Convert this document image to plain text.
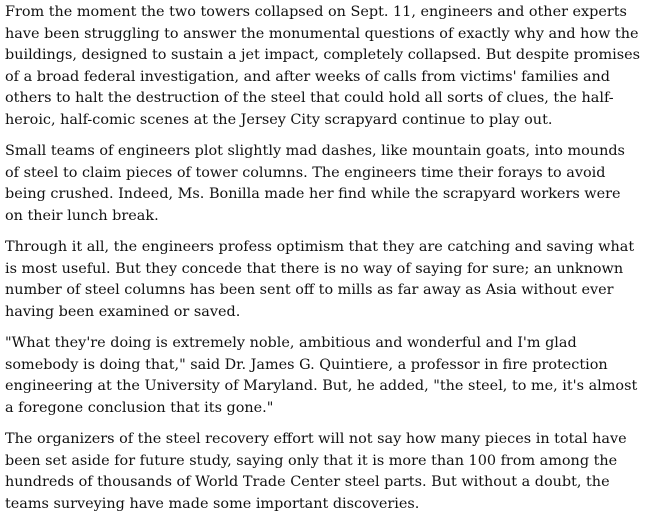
From the moment the two towers collapsed on Sept. 11, engineers and other experts have been struggling to answer the monumental questions of exactly why and how the buildings, designed to sustain a jet impact, completely collapsed. But despite promises of a broad federal investigation, and after weeks of calls from victims' families and others to halt the destruction of the steel that could hold all sorts of clues, the half-heroic, half-comic scenes at the Jersey City scrapyard continue to play out.

Small teams of engineers plot slightly mad dashes, like mountain goats, into mounds of steel to claim pieces of tower columns. The engineers time their forays to avoid being crushed. Indeed, Ms. Bonilla made her find while the scrapyard workers were on their lunch break.

Through it all, the engineers profess optimism that they are catching and saving what is most useful. But they concede that there is no way of saying for sure; an unknown number of steel columns has been sent off to mills as far away as Asia without ever having been examined or saved.

"What they're doing is extremely noble, ambitious and wonderful and I'm glad somebody is doing that," said Dr. James G. Quintiere, a professor in fire protection engineering at the University of Maryland. But, he added, "the steel, to me, it's almost a foregone conclusion that its gone."

The organizers of the steel recovery effort will not say how many pieces in total have been set aside for future study, saying only that it is more than 100 from among the hundreds of thousands of World Trade Center steel parts. But without a doubt, the teams surveying have made some important discoveries.
